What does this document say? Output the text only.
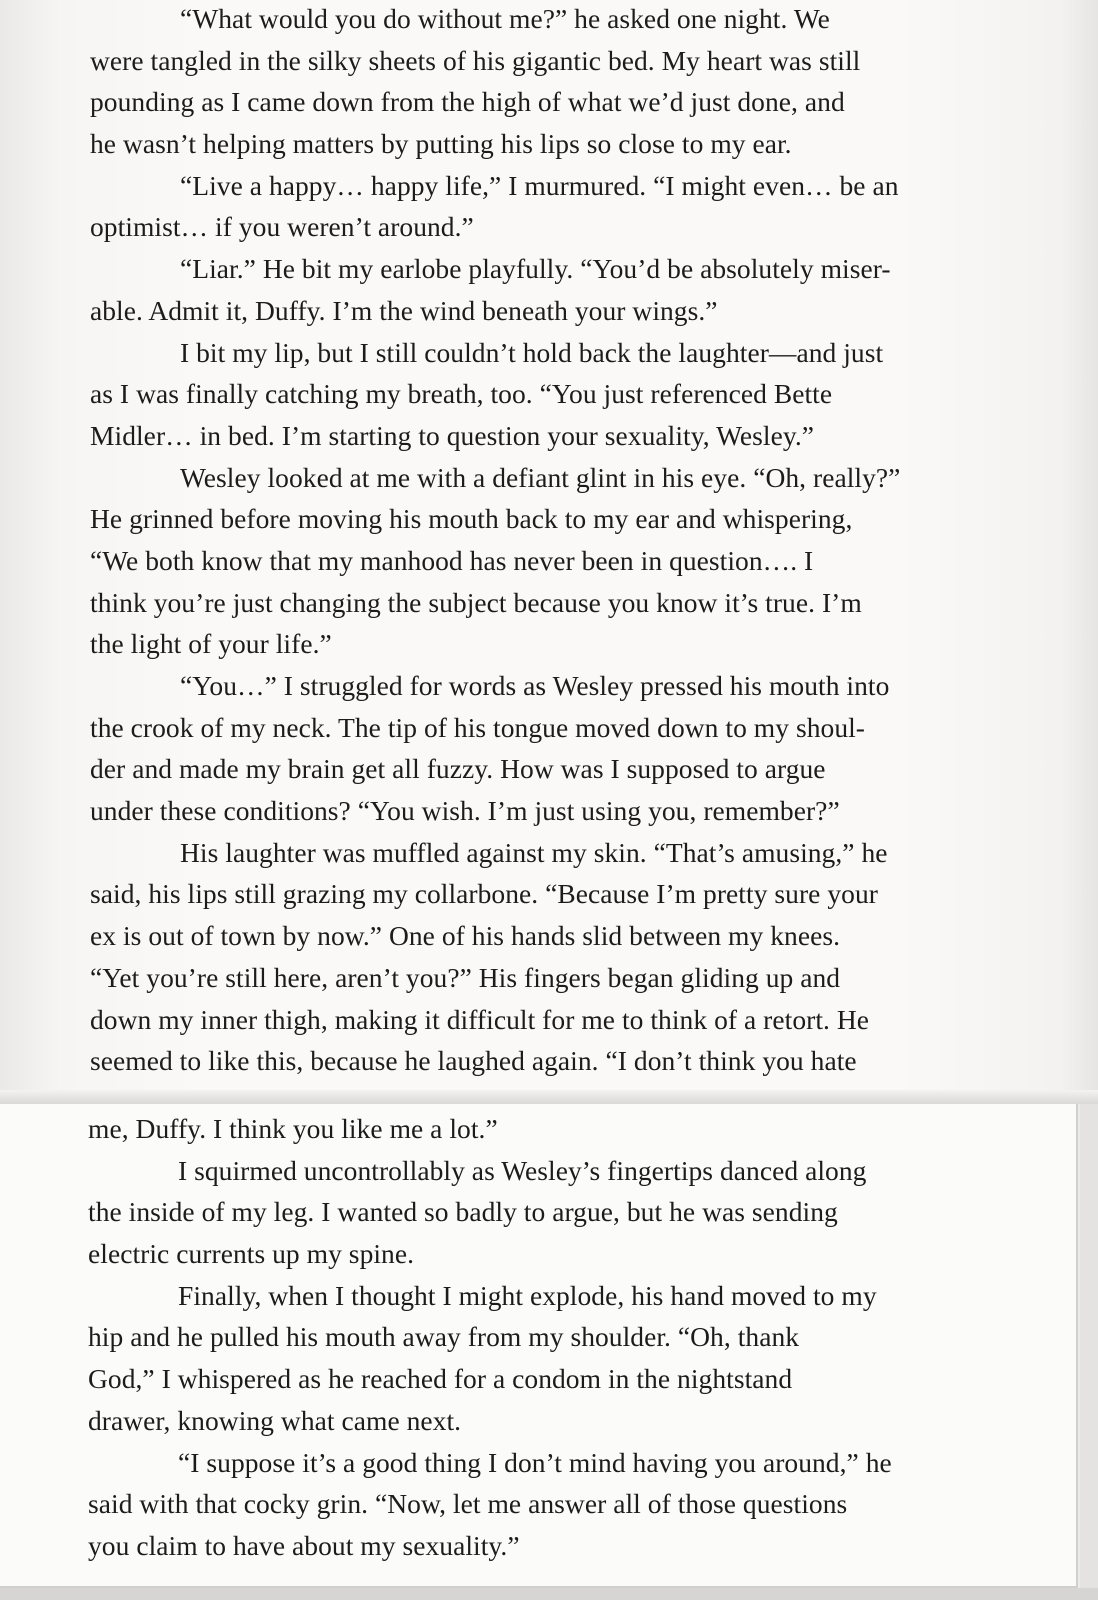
“What would you do without me?” he asked one night. We
were tangled in the silky sheets of his gigantic bed. My heart was still
pounding as I came down from the high of what we’d just done, and
he wasn’t helping matters by putting his lips so close to my ear.
“Live a happy… happy life,” I murmured. “I might even… be an
optimist… if you weren’t around.”
“Liar.” He bit my earlobe playfully. “You’d be absolutely miser-
able. Admit it, Duffy. I’m the wind beneath your wings.”
I bit my lip, but I still couldn’t hold back the laughter—and just
as I was finally catching my breath, too. “You just referenced Bette
Midler… in bed. I’m starting to question your sexuality, Wesley.”
Wesley looked at me with a defiant glint in his eye. “Oh, really?”
He grinned before moving his mouth back to my ear and whispering,
“We both know that my manhood has never been in question…. I
think you’re just changing the subject because you know it’s true. I’m
the light of your life.”
“You…” I struggled for words as Wesley pressed his mouth into
the crook of my neck. The tip of his tongue moved down to my shoul-
der and made my brain get all fuzzy. How was I supposed to argue
under these conditions? “You wish. I’m just using you, remember?”
His laughter was muffled against my skin. “That’s amusing,” he
said, his lips still grazing my collarbone. “Because I’m pretty sure your
ex is out of town by now.” One of his hands slid between my knees.
“Yet you’re still here, aren’t you?” His fingers began gliding up and
down my inner thigh, making it difficult for me to think of a retort. He
seemed to like this, because he laughed again. “I don’t think you hate
me, Duffy. I think you like me a lot.”
I squirmed uncontrollably as Wesley’s fingertips danced along
the inside of my leg. I wanted so badly to argue, but he was sending
electric currents up my spine.
Finally, when I thought I might explode, his hand moved to my
hip and he pulled his mouth away from my shoulder. “Oh, thank
God,” I whispered as he reached for a condom in the nightstand
drawer, knowing what came next.
“I suppose it’s a good thing I don’t mind having you around,” he
said with that cocky grin. “Now, let me answer all of those questions
you claim to have about my sexuality.”
